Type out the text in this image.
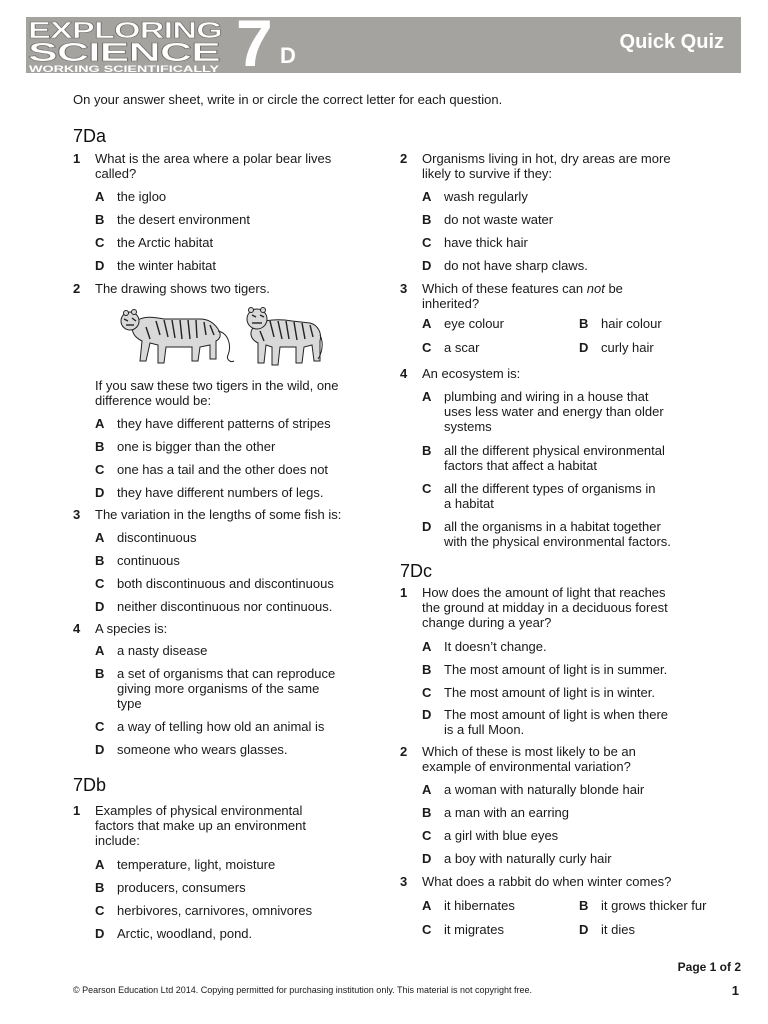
EXPLORING
SCIENCE
WORKING SCIENTIFICALLY 7 D
Quick Quiz
On your answer sheet, write in or circle the correct letter for each question.
7Da
1 What is the area where a polar bear lives
called?
A the igloo
B the desert environment
C the Arctic habitat
D the winter habitat
2 The drawing shows two tigers.
If you saw these two tigers in the wild, one
difference would be:
A they have different patterns of stripes
B one is bigger than the other
C one has a tail and the other does not
D they have different numbers of legs.
3 The variation in the lengths of some fish is:
A discontinuous
B continuous
C both discontinuous and discontinuous
D neither discontinuous nor continuous.
4 A species is:
A a nasty disease
B a set of organisms that can reproduce
giving more organisms of the same
type
C a way of telling how old an animal is
D someone who wears glasses.
7Db
1 Examples of physical environmental
factors that make up an environment
include:
A temperature, light, moisture
B producers, consumers
C herbivores, carnivores, omnivores
D Arctic, woodland, pond.
2 Organisms living in hot, dry areas are more
likely to survive if they:
A wash regularly
B do not waste water
C have thick hair
D do not have sharp claws.
3 Which of these features can not be
inherited?
A eye colour	B hair colour
C a scar	D curly hair
4 An ecosystem is:
A plumbing and wiring in a house that
uses less water and energy than older
systems
B all the different physical environmental
factors that affect a habitat
C all the different types of organisms in
a habitat
D all the organisms in a habitat together
with the physical environmental factors.
7Dc
1 How does the amount of light that reaches
the ground at midday in a deciduous forest
change during a year?
A It doesn’t change.
B The most amount of light is in summer.
C The most amount of light is in winter.
D The most amount of light is when there
is a full Moon.
2 Which of these is most likely to be an
example of environmental variation?
A a woman with naturally blonde hair
B a man with an earring
C a girl with blue eyes
D a boy with naturally curly hair
3 What does a rabbit do when winter comes?
A it hibernates	B it grows thicker fur
C it migrates	D it dies
Page 1 of 2
© Pearson Education Ltd 2014. Copying permitted for purchasing institution only. This material is not copyright free.	1
